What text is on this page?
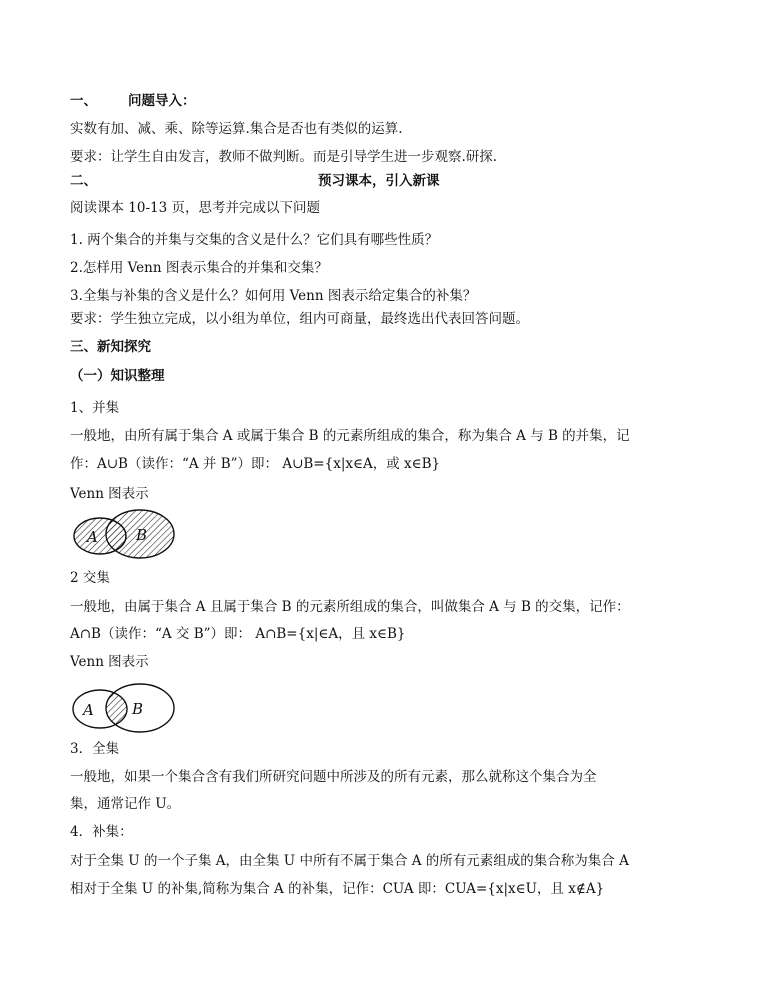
一、 问题导入：
实数有加、减、乘、除等运算.集合是否也有类似的运算.
要求：让学生自由发言，教师不做判断。而是引导学生进一步观察.研探.
二、	预习课本，引入新课
阅读课本 10-13 页，思考并完成以下问题
1. 两个集合的并集与交集的含义是什么？它们具有哪些性质？
2.怎样用 Venn 图表示集合的并集和交集？
3.全集与补集的含义是什么？如何用 Venn 图表示给定集合的补集？
要求：学生独立完成，以小组为单位，组内可商量，最终选出代表回答问题。
三、新知探究
（一）知识整理
1、并集
一般地，由所有属于集合 A 或属于集合 B 的元素所组成的集合，称为集合 A 与 B 的并集，记
作：A∪B（读作：“A 并 B”）即： A∪B={x|x∈A，或 x∈B}
Venn 图表示
A	B
2 交集
一般地，由属于集合 A 且属于集合 B 的元素所组成的集合，叫做集合 A 与 B 的交集，记作：
A∩B（读作：“A 交 B”）即： A∩B={x|∈A，且 x∈B}
Venn 图表示
A	B
3．全集
一般地，如果一个集合含有我们所研究问题中所涉及的所有元素，那么就称这个集合为全
集，通常记作 U。
4．补集：
对于全集 U 的一个子集 A，由全集 U 中所有不属于集合 A 的所有元素组成的集合称为集合 A
相对于全集 U 的补集,简称为集合 A 的补集，记作：CUA 即：CUA={x|x∈U，且 x∉A}
